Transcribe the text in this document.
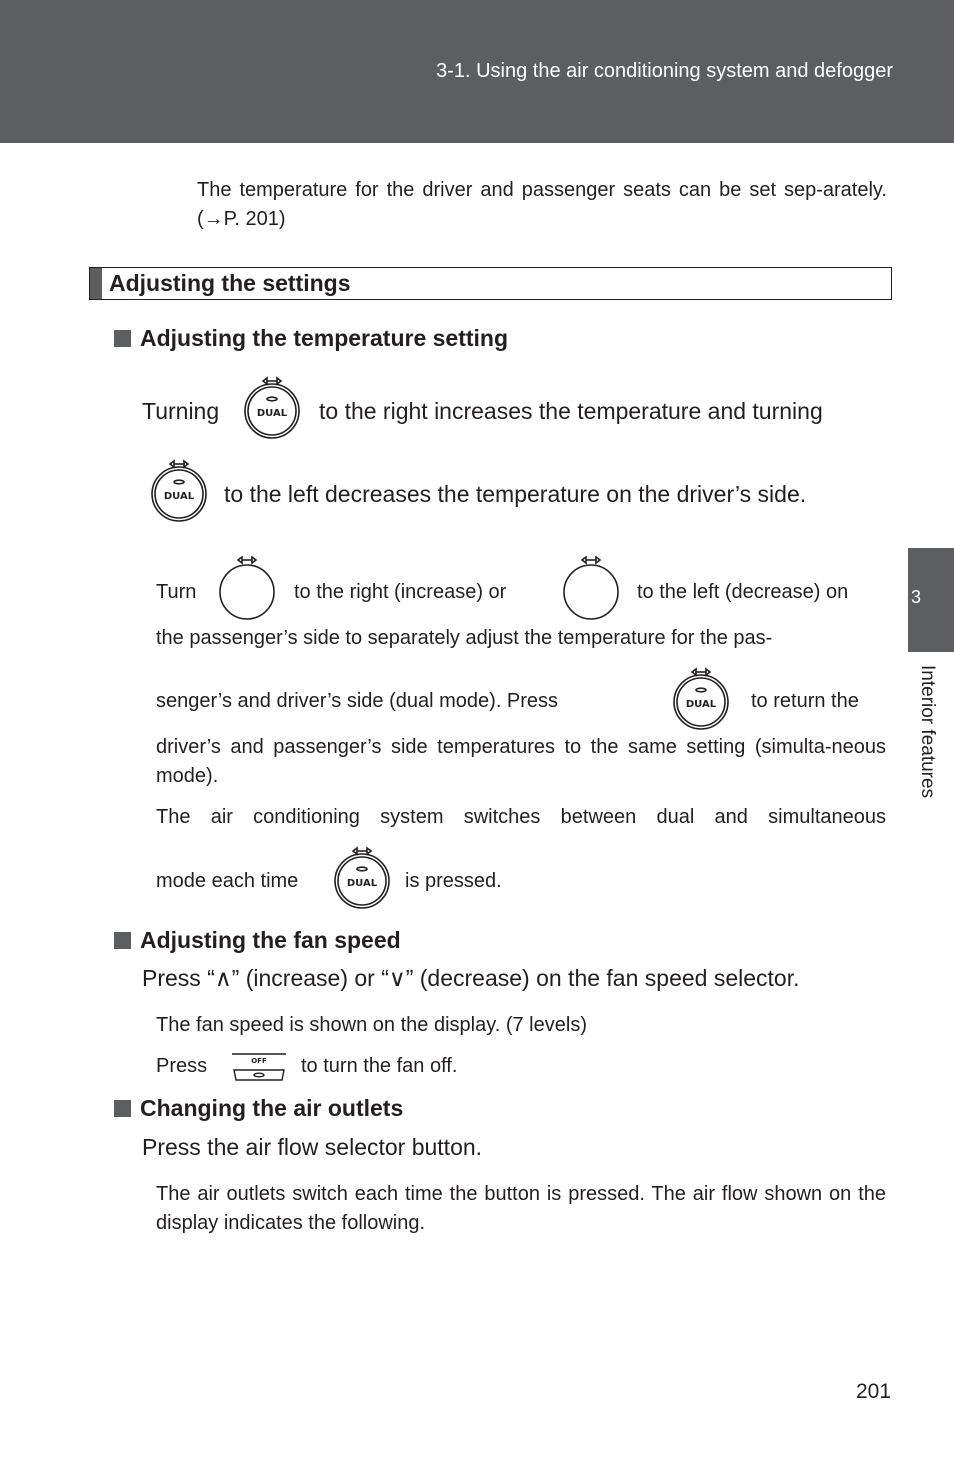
3-1. Using the air conditioning system and defogger
3
Interior features
The temperature for the driver and passenger seats can be set sep-arately. (→P. 201)
Adjusting the settings
Adjusting the temperature setting
Turning	DUAL to the right increases the temperature and turning
DUAL to the left decreases the temperature on the driver’s side.
Turn	to the right (increase) or	to the left (decrease) on
the passenger’s side to separately adjust the temperature for the pas-
senger’s and driver’s side (dual mode). Press	DUAL to return the
driver’s and passenger’s side temperatures to the same setting (simulta-neous mode).
The air conditioning system switches between dual and simultaneous
mode each time	DUAL is pressed.
Adjusting the fan speed
Press “∧” (increase) or “∨” (decrease) on the fan speed selector.
The fan speed is shown on the display. (7 levels)
Press	OFF to turn the fan off.
Changing the air outlets
Press the air flow selector button.
The air outlets switch each time the button is pressed. The air flow shown on the display indicates the following.
201
